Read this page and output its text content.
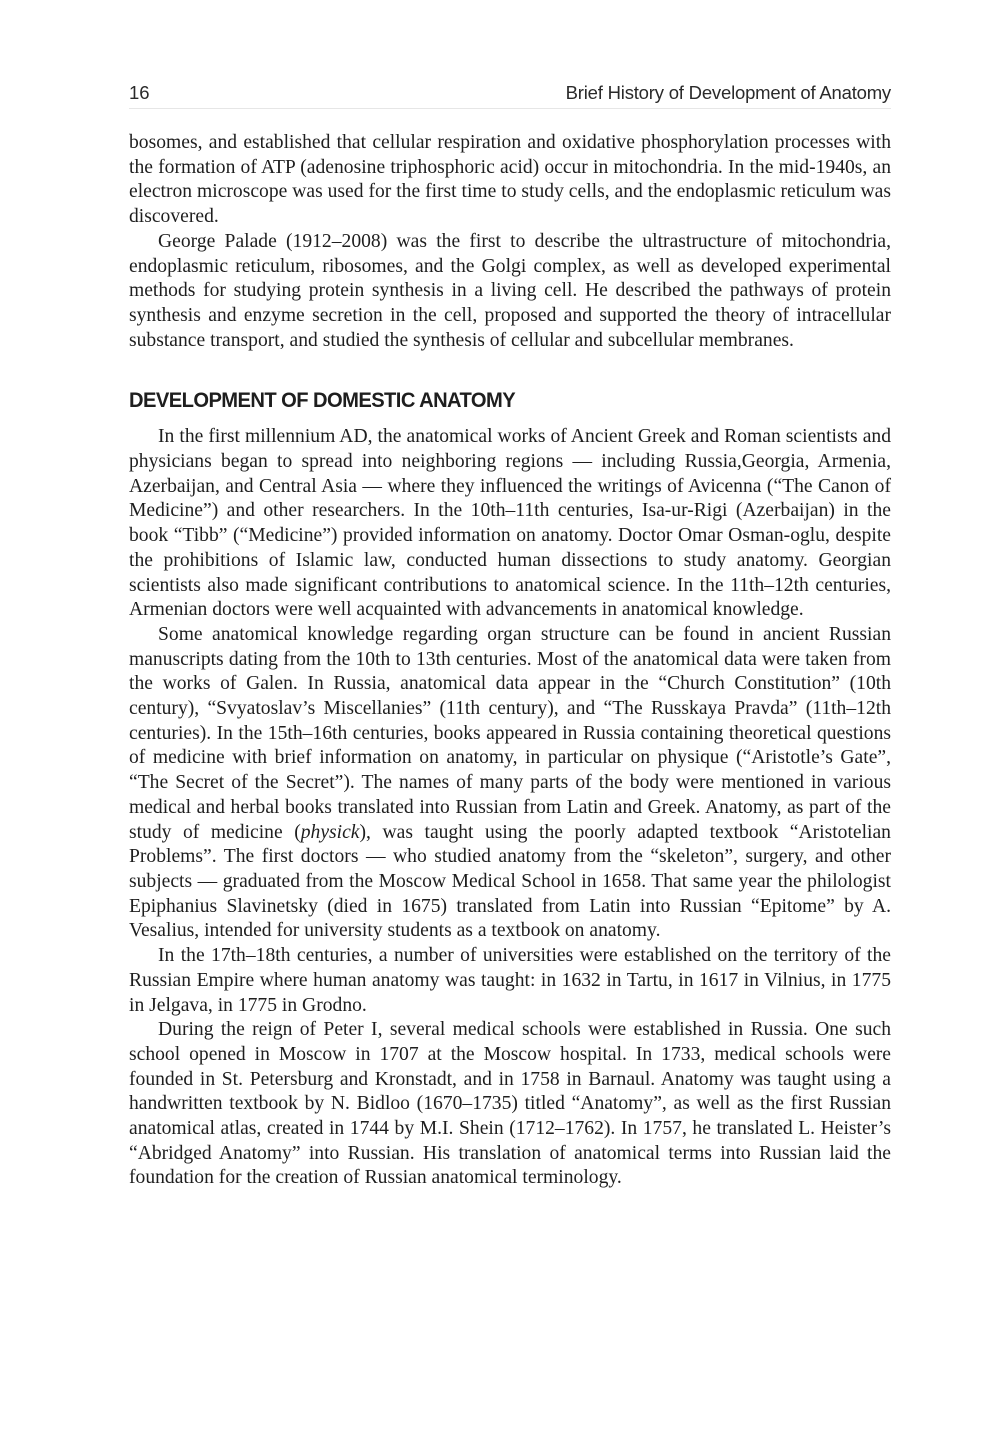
16	Brief History of Development of Anatomy

bosomes, and established that cellular respiration and oxidative phosphorylation processes with the formation of ATP (adenosine triphosphoric acid) occur in mitochondria. In the mid-1940s, an electron microscope was used for the first time to study cells, and the endoplasmic reticulum was discovered.

George Palade (1912–2008) was the first to describe the ultrastructure of mitochondria, endoplasmic reticulum, ribosomes, and the Golgi complex, as well as developed experimental methods for studying protein synthesis in a living cell. He described the pathways of protein synthesis and enzyme secretion in the cell, proposed and supported the theory of intracellular substance transport, and studied the synthesis of cellular and subcellular membranes.

DEVELOPMENT OF DOMESTIC ANATOMY

In the first millennium AD, the anatomical works of Ancient Greek and Roman scientists and physicians began to spread into neighboring regions — including Russia,Georgia, Armenia, Azerbaijan, and Central Asia — where they influenced the writings of Avicenna (“The Canon of Medicine”) and other researchers. In the 10th–11th centuries, Isa-ur-Rigi (Azerbaijan) in the book “Tibb” (“Medicine”) provided information on anatomy. Doctor Omar Osman-oglu, despite the prohibitions of Islamic law, conducted human dissections to study anatomy. Georgian scientists also made significant contributions to anatomical science. In the 11th–12th centuries, Armenian doctors were well acquainted with advancements in anatomical knowledge.

Some anatomical knowledge regarding organ structure can be found in ancient Russian manuscripts dating from the 10th to 13th centuries. Most of the anatomical data were taken from the works of Galen. In Russia, anatomical data appear in the “Church Constitution” (10th century), “Svyatoslav’s Miscellanies” (11th century), and “The Russkaya Pravda” (11th–12th centuries). In the 15th–16th centuries, books appeared in Russia containing theoretical questions of medicine with brief information on anatomy, in particular on physique (“Aristotle’s Gate”, “The Secret of the Secret”). The names of many parts of the body were mentioned in various medical and herbal books translated into Russian from Latin and Greek. Anatomy, as part of the study of medicine (physick), was taught using the poorly adapted textbook “Aristotelian Problems”. The first doctors — who studied anatomy from the “skeleton”, surgery, and other subjects — graduated from the Moscow Medical School in 1658. That same year the philologist Epiphanius Slavinetsky (died in 1675) translated from Latin into Russian “Epitome” by A. Vesalius, intended for university students as a textbook on anatomy.

In the 17th–18th centuries, a number of universities were established on the territory of the Russian Empire where human anatomy was taught: in 1632 in Tartu, in 1617 in Vilnius, in 1775 in Jelgava, in 1775 in Grodno.

During the reign of Peter I, several medical schools were established in Russia. One such school opened in Moscow in 1707 at the Moscow hospital. In 1733, medical schools were founded in St. Petersburg and Kronstadt, and in 1758 in Barnaul. Anatomy was taught using a handwritten textbook by N. Bidloo (1670–1735) titled “Anatomy”, as well as the first Russian anatomical atlas, created in 1744 by M.I. Shein (1712–1762). In 1757, he translated L. Heister’s “Abridged Anatomy” into Russian. His translation of anatomical terms into Russian laid the foundation for the creation of Russian anatomical terminology.
